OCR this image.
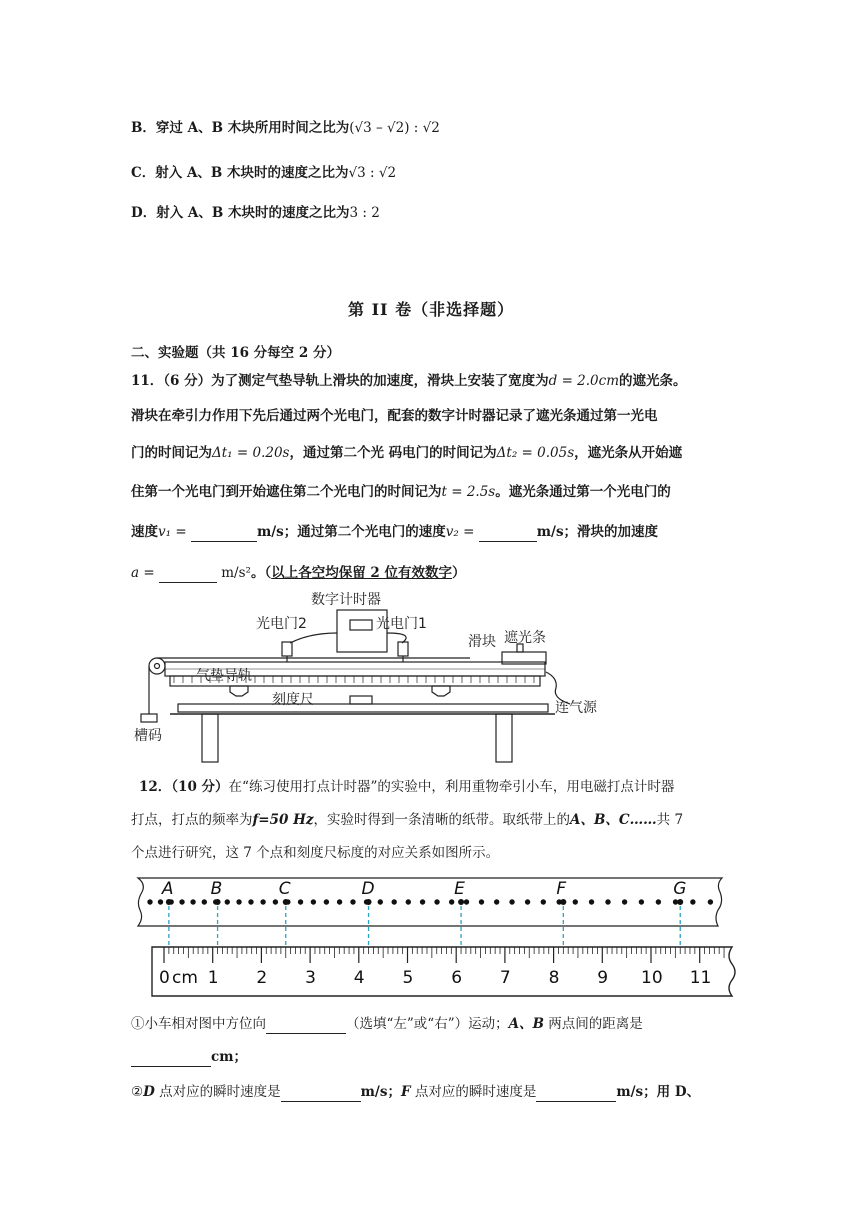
B．穿过 A、B 木块所用时间之比为(√3 – √2) : √2
C．射入 A、B 木块时的速度之比为√3 : √2
D．射入 A、B 木块时的速度之比为3 : 2
第 II 卷（非选择题）
二、实验题（共 16 分每空 2 分）
11．（6 分）为了测定气垫导轨上滑块的加速度，滑块上安装了宽度为d = 2.0cm的遮光条。
滑块在牵引力作用下先后通过两个光电门，配套的数字计时器记录了遮光条通过第一光电
门的时间记为Δt₁ = 0.20s，通过第二个光 码电门的时间记为Δt₂ = 0.05s，遮光条从开始遮
住第一个光电门到开始遮住第二个光电门的时间记为t = 2.5s。遮光条通过第一个光电门的
速度v₁ =	m/s；通过第二个光电门的速度v₂ =	m/s；滑块的加速度
a =	m/s²。（以上各空均保留 2 位有效数字）
数字计时器
光电门2	光电门1
滑块 遮光条
气垫导轨
刻度尺	连气源
槽码
12．（10 分）在“练习使用打点计时器”的实验中，利用重物牵引小车，用电磁打点计时器
打点，打点的频率为f=50 Hz，实验时得到一条清晰的纸带。取纸带上的A、B、C……共 7
个点进行研究，这 7 个点和刻度尺标度的对应关系如图所示。
A B	C	D	E	F	G
0 1 2 3 4 5 6 7 8 9 10 11
cm
①小车相对图中方位向	（选填“左”或“右”）运动；A、B 两点间的距离是
cm；
②D 点对应的瞬时速度是	m/s；F 点对应的瞬时速度是	m/s；用 D、
